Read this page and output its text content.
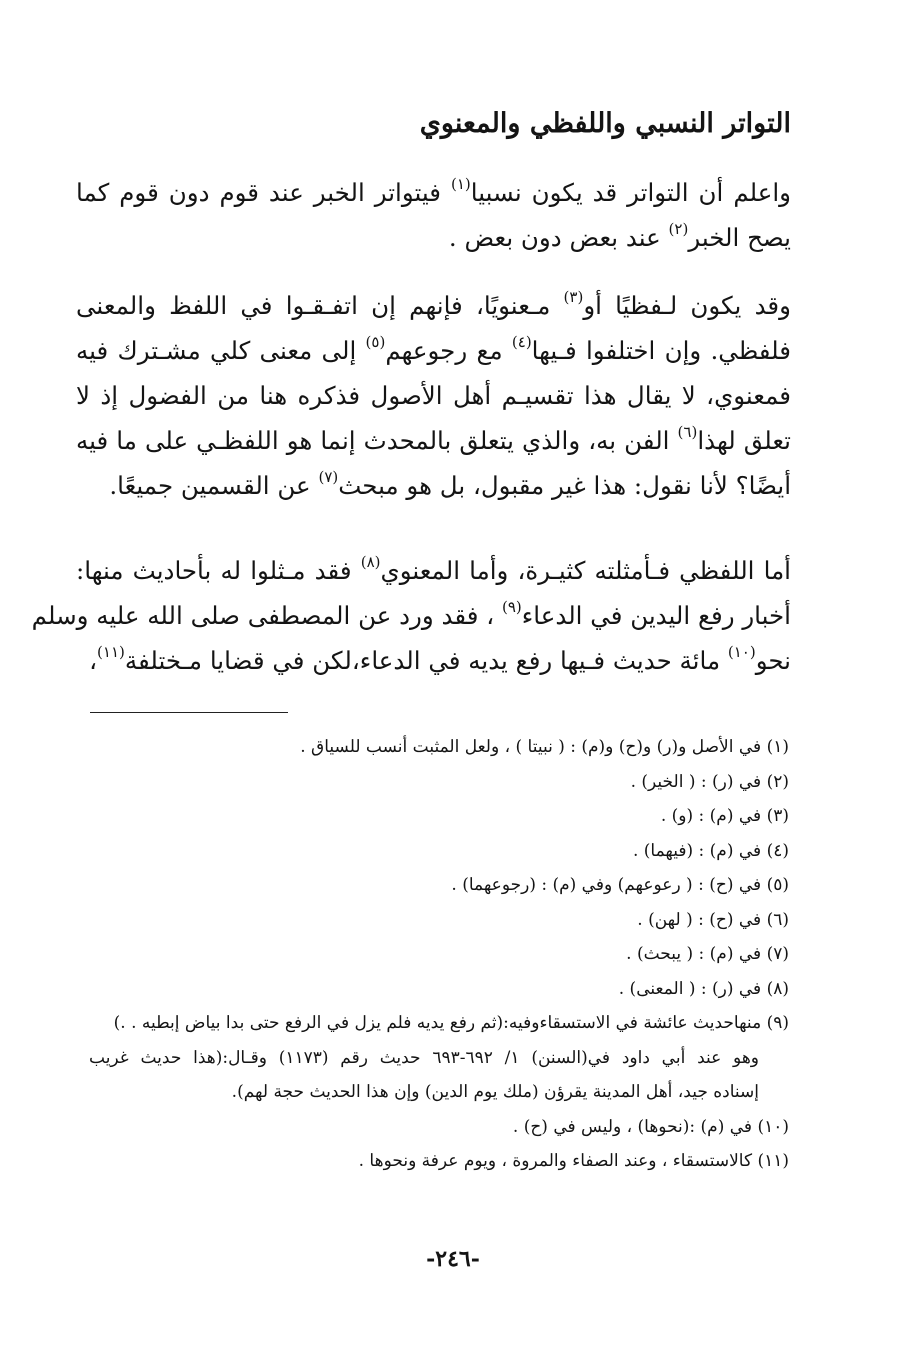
التواتر النسبي واللفظي والمعنوي
واعلم أن التواتر قد يكون نسبيا$^{(١)}$ فيتواتر الخبر عند قوم دون قوم كما
يصح الخبر$^{(٢)}$ عند بعض دون بعض .
وقد يكون لـفظيًا أو$^{(٣)}$ مـعنويًا، فإنهم إن اتفـقـوا في اللفظ والمعنى
فلفظي. وإن اختلفوا فـيها$^{(٤)}$ مع رجوعهم$^{(٥)}$ إلى معنى كلي مشـترك فيه
فمعنوي، لا يقال هذا تقسيـم أهل الأصول فذكره هنا من الفضول إذ لا
تعلق لهذا$^{(٦)}$ الفن به، والذي يتعلق بالمحدث إنما هو اللفظـي على ما فيه
أيضًا؟ لأنا نقول: هذا غير مقبول، بل هو مبحث$^{(٧)}$ عن القسمين جميعًا.
أما اللفظي فـأمثلته كثيـرة، وأما المعنوي$^{(٨)}$ فقد مـثلوا له بأحاديث منها:
أخبار رفع اليدين في الدعاء$^{(٩)}$ ، فقد ورد عن المصطفى صلى الله عليه وسلم
نحو$^{(١٠)}$ مائة حديث فـيها رفع يديه في الدعاء،لكن في قضايا مـختلفة$^{(١١)}$،
(١) في الأصل و(ر) و(ح) و(م) : ( نبيتا ) ، ولعل المثبت أنسب للسياق .
(٢) في (ر) : ( الخير) .
(٣) في (م) : (و) .
(٤) في (م) : (فيهما) .
(٥) في (ح) : ( رعوعهم) وفي (م) : (رجوعهما) .
(٦) في (ح) : ( لهن) .
(٧) في (م) : ( يبحث) .
(٨) في (ر) : ( المعنى) .
(٩) منهاحديث عائشة في الاستسقاءوفيه:(ثم رفع يديه فلم يزل في الرفع حتى بدا بياض إبطيه . .)
وهو عند أبي داود في(السنن) ١/ ٦٩٢-٦٩٣ حديث رقم (١١٧٣) وقـال:(هذا حديث غريب
إسناده جيد، أهل المدينة يقرؤن (ملك يوم الدين) وإن هذا الحديث حجة لهم).
(١٠) في (م) :(نحوها) ، وليس في (ح) .
(١١) كالاستسقاء ، وعند الصفاء والمروة ، ويوم عرفة ونحوها .
-٢٤٦-
